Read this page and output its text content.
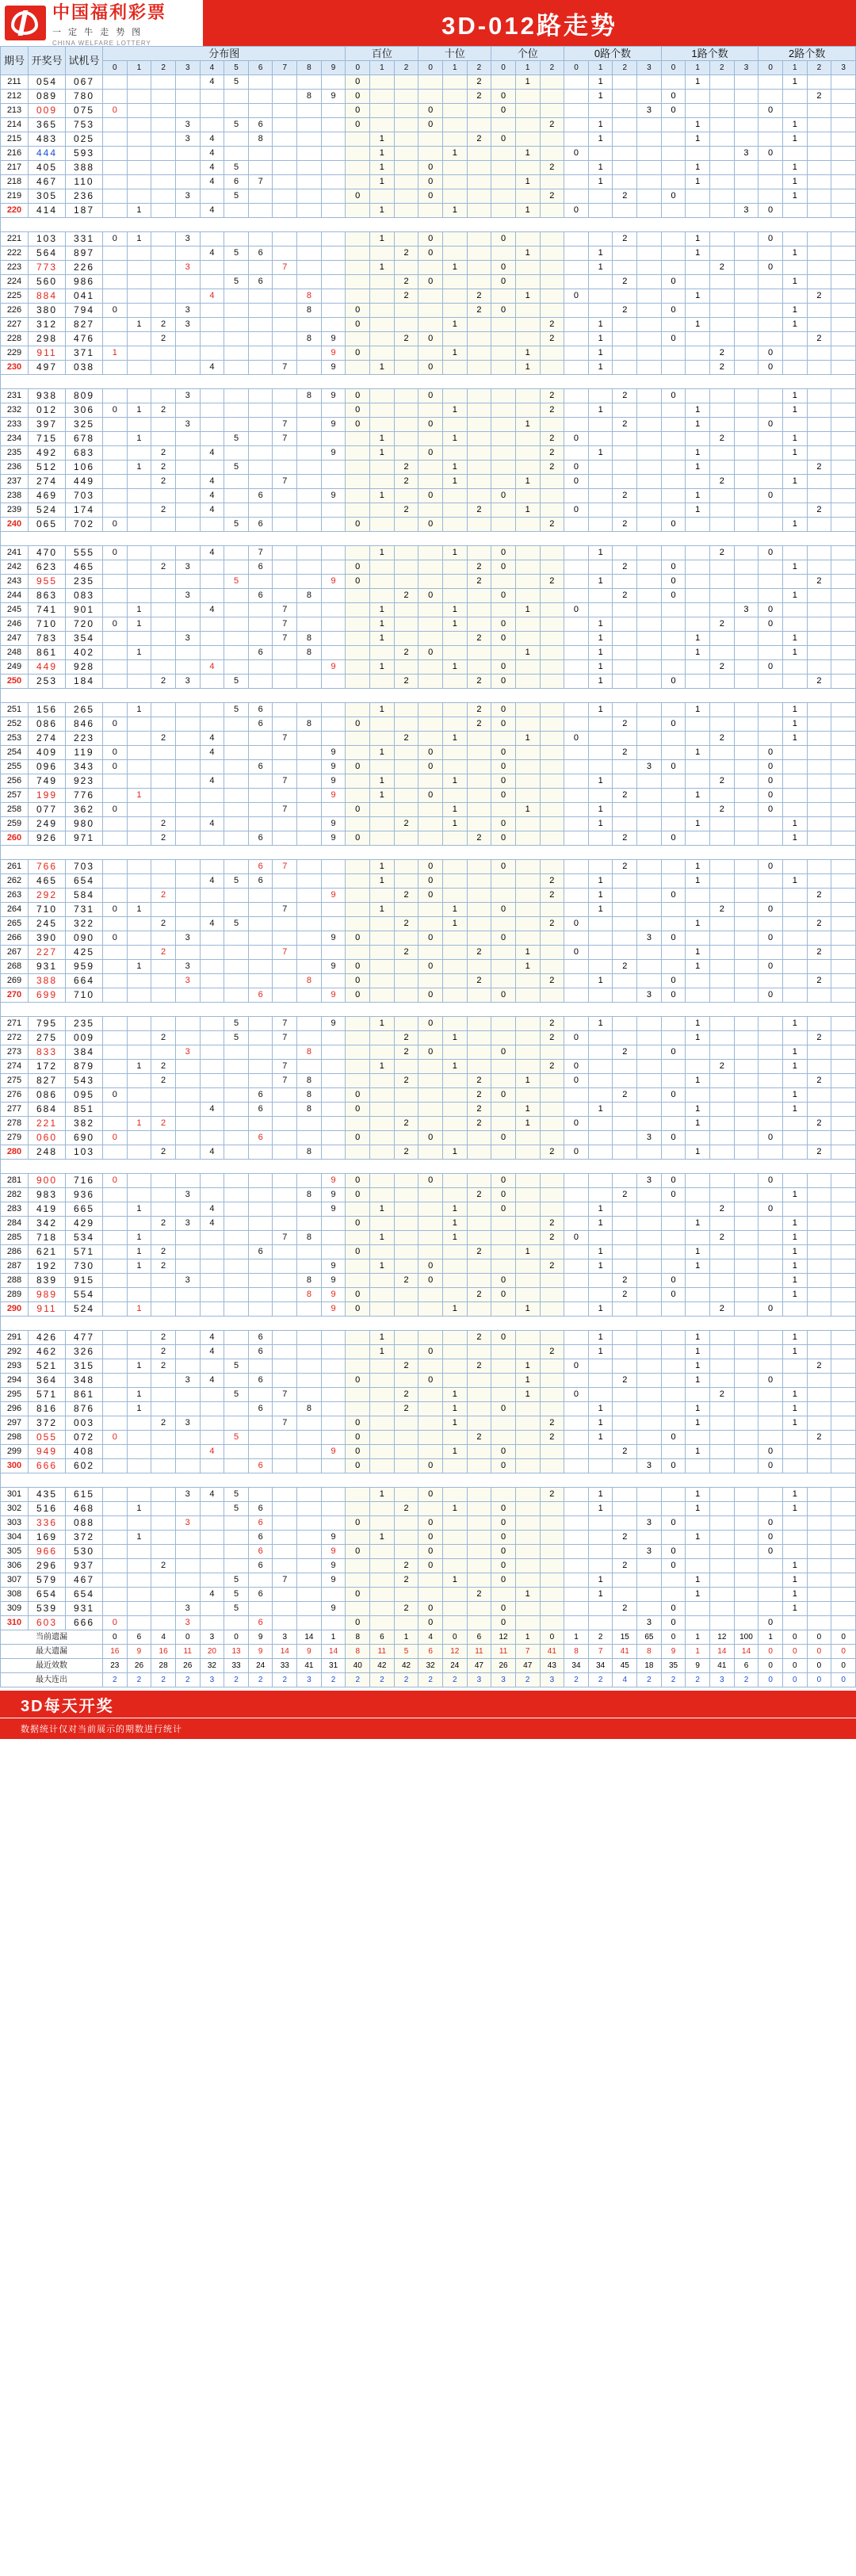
中国福利彩票
一 定 牛 走 势 图
CHINA WELFARE LOTTERY
3D-012路走势
期号	开奖号	试机号	分布图										百位			十位			个位			0路个数				1路个数				2路个数			
			0	1	2	3	4	5	6	7	8	9	0	1	2	0	1	2	0	1	2	0	1	2	3	0	1	2	3	0	1	2	3
211	054	067					4	5					0					2		1			1				1				1		
212	089	780									8	9	0					2	0				1			0						2	
213	009	075	0										0			0			0						3	0				0			
214	365	753				3		5	6				0			0					2		1				1				1		
215	483	025				3	4		8					1				2	0				1				1				1		
216	444	593					4							1			1			1		0							3	0			
217	405	388					4	5						1		0					2		1				1				1		
218	467	110					4	6	7					1		0				1			1				1				1		
219	305	236				3		5					0			0					2			2		0					1		
220	414	187		1			4							1			1			1		0							3	0			

221	103	331	0	1		3								1		0			0					2			1			0			
222	564	897					4	5	6						2	0				1			1				1				1		
223	773	226				3				7				1			1		0				1					2		0			
224	560	986						5	6						2	0			0					2		0					1		
225	884	041					4				8				2			2		1		0					1					2	
226	380	794	0			3					8		0					2	0					2		0					1		
227	312	827		1	2	3							0				1				2		1				1				1		
228	298	476			2						8	9			2	0					2		1			0						2	
229	911	371	1									9	0				1			1			1					2		0			
230	497	038					4			7		9		1		0				1			1					2		0			

231	938	809				3					8	9	0			0					2			2		0					1		
232	012	306	0	1	2								0				1				2		1				1				1		
233	397	325				3				7		9	0			0				1				2			1			0			
234	715	678		1				5		7				1			1				2	0						2			1		
235	492	683			2		4					9		1		0					2		1				1				1		
236	512	106		1	2			5							2		1				2	0					1					2	
237	274	449			2		4			7					2		1			1		0						2			1		
238	469	703					4		6			9		1		0			0					2			1			0			
239	524	174			2		4								2			2		1		0					1					2	
240	065	702	0					5	6				0			0					2			2		0					1		

241	470	555	0				4		7					1			1		0				1					2		0			
242	623	465			2	3			6				0					2	0					2		0					1		
243	955	235						5				9	0					2			2		1			0						2	
244	863	083				3			6		8				2	0			0					2		0					1		
245	741	901		1			4			7				1			1			1		0							3	0			
246	710	720	0	1						7				1			1		0				1					2		0			
247	783	354				3				7	8			1				2	0				1				1				1		
248	861	402		1					6		8				2	0				1			1				1				1		
249	449	928					4					9		1			1		0				1					2		0			
250	253	184			2	3		5							2			2	0				1			0						2	

251	156	265		1				5	6					1				2	0				1				1				1		
252	086	846	0						6		8		0					2	0					2		0					1		
253	274	223			2		4			7					2		1			1		0						2			1		
254	409	119	0				4					9		1		0			0					2			1			0			
255	096	343	0						6			9	0			0			0						3	0				0			
256	749	923					4			7		9		1			1		0				1					2		0			
257	199	776		1								9		1		0			0					2			1			0			
258	077	362	0							7			0				1			1			1					2		0			
259	249	980			2		4					9			2		1		0				1				1				1		
260	926	971			2				6			9	0					2	0					2		0					1		

261	766	703							6	7				1		0			0					2			1			0			
262	465	654					4	5	6					1		0					2		1				1				1		
263	292	584			2							9			2	0					2		1			0						2	
264	710	731	0	1						7				1			1		0				1					2		0			
265	245	322			2		4	5							2		1				2	0					1					2	
266	390	090	0			3						9	0			0			0						3	0				0			
267	227	425			2					7					2			2		1		0					1					2	
268	931	959		1		3						9	0			0				1				2			1			0			
269	388	664				3					8		0					2			2		1			0						2	
270	699	710							6			9	0			0			0						3	0				0			

271	795	235						5		7		9		1		0					2		1				1				1		
272	275	009			2			5		7					2		1				2	0					1					2	
273	833	384				3					8				2	0			0					2		0					1		
274	172	879		1	2					7				1			1				2	0						2			1		
275	827	543			2					7	8				2			2		1		0					1					2	
276	086	095	0						6		8		0					2	0					2		0					1		
277	684	851					4		6		8		0					2		1			1				1				1		
278	221	382		1	2										2			2		1		0					1					2	
279	060	690	0						6				0			0			0						3	0				0			
280	248	103			2		4				8				2		1				2	0					1					2	

281	900	716	0									9	0			0			0						3	0				0			
282	983	936				3					8	9	0					2	0					2		0					1		
283	419	665		1			4					9		1			1		0				1					2		0			
284	342	429			2	3	4						0				1				2		1				1				1		
285	718	534		1						7	8			1			1				2	0						2			1		
286	621	571		1	2				6				0					2		1			1				1				1		
287	192	730		1	2							9		1		0					2		1				1				1		
288	839	915				3					8	9			2	0			0					2		0					1		
289	989	554									8	9	0					2	0					2		0					1		
290	911	524		1								9	0				1			1			1					2		0			

291	426	477			2		4		6					1				2	0				1				1				1		
292	462	326			2		4		6					1		0					2		1				1				1		
293	521	315		1	2			5							2			2		1		0					1					2	
294	364	348				3	4		6				0			0				1				2			1			0			
295	571	861		1				5		7					2		1			1		0						2			1		
296	816	876		1					6		8				2		1		0				1				1				1		
297	372	003			2	3				7			0				1				2		1				1				1		
298	055	072	0					5					0					2			2		1			0						2	
299	949	408					4					9	0				1		0					2			1			0			
300	666	602							6				0			0			0						3	0				0			

301	435	615				3	4	5						1		0					2		1				1				1		
302	516	468		1				5	6						2		1		0				1				1				1		
303	336	088				3			6				0			0			0						3	0				0			
304	169	372		1					6			9		1		0			0					2			1			0			
305	966	530							6			9	0			0			0						3	0				0			
306	296	937			2				6			9			2	0			0					2		0					1		
307	579	467						5		7		9			2		1		0				1				1				1		
308	654	654					4	5	6				0					2		1			1				1				1		
309	539	931				3		5				9			2	0			0					2		0					1		
310	603	666	0			3			6				0			0			0						3	0				0			
当前遗漏			0	6	4	0	3	0	9	3	14	1	8	6	1	4	0	6	12	1	0	1	2	15	65	0	1	12	100	1	0	0	0
最大遗漏			16	9	16	11	20	13	9	14	9	14	8	11	5	6	12	11	11	7	41	8	7	41	8	9	1	14	14	0	0	0	0
最近效数			23	26	28	26	32	33	24	33	41	31	40	42	42	32	24	47	26	47	43	34	34	45	18	35	9	41	6	0	0	0	0
最大连出			2	2	2	2	3	2	2	2	3	2	2	2	2	2	2	3	3	2	3	2	2	4	2	2	2	3	2	0	0	0	0
3D每天开奖
数据统计仅对当前展示的期数进行统计
